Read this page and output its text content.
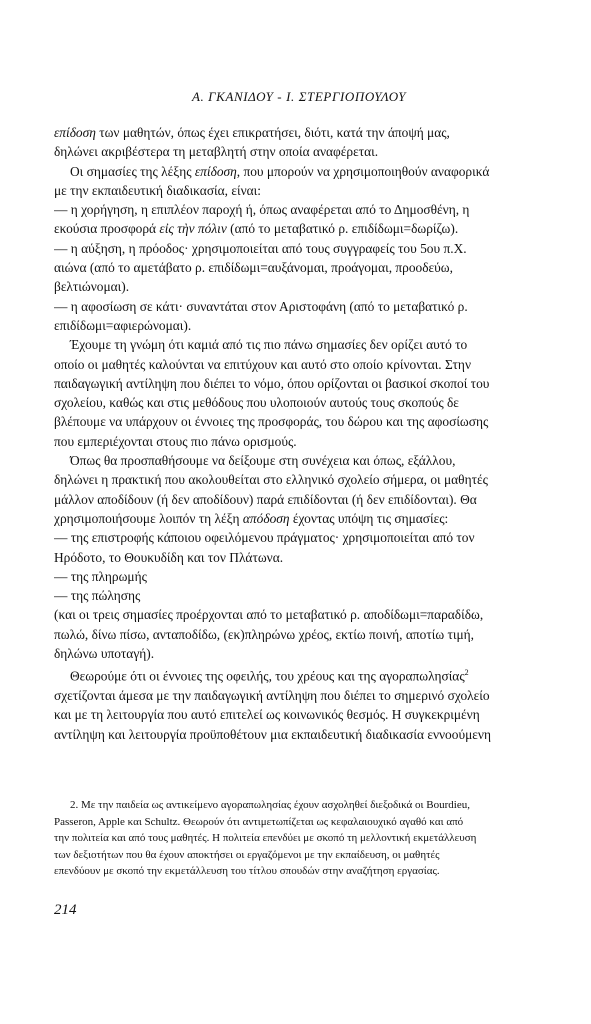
Α. ΓΚΑΝΙΔΟΥ - Ι. ΣΤΕΡΓΙΟΠΟΥΛΟΥ
επίδοση των μαθητών, όπως έχει επικρατήσει, διότι, κατά την άποψή μας,
δηλώνει ακριβέστερα τη μεταβλητή στην οποία αναφέρεται.
Οι σημασίες της λέξης επίδοση, που μπορούν να χρησιμοποιηθούν αναφορικά
με την εκπαιδευτική διαδικασία, είναι:
— η χορήγηση, η επιπλέον παροχή ή, όπως αναφέρεται από το Δημοσθένη, η
εκούσια προσφορά εἰς τὴν πόλιν (από το μεταβατικό ρ. επιδίδωμι=δωρίζω).
— η αύξηση, η πρόοδος· χρησιμοποιείται από τους συγγραφείς του 5ου π.Χ.
αιώνα (από το αμετάβατο ρ. επιδίδωμι=αυξάνομαι, προάγομαι, προοδεύω,
βελτιώνομαι).
— η αφοσίωση σε κάτι· συναντάται στον Αριστοφάνη (από το μεταβατικό ρ.
επιδίδωμι=αφιερώνομαι).
Έχουμε τη γνώμη ότι καμιά από τις πιο πάνω σημασίες δεν ορίζει αυτό το
οποίο οι μαθητές καλούνται να επιτύχουν και αυτό στο οποίο κρίνονται. Στην
παιδαγωγική αντίληψη που διέπει το νόμο, όπου ορίζονται οι βασικοί σκοποί του
σχολείου, καθώς και στις μεθόδους που υλοποιούν αυτούς τους σκοπούς δε
βλέπουμε να υπάρχουν οι έννοιες της προσφοράς, του δώρου και της αφοσίωσης
που εμπεριέχονται στους πιο πάνω ορισμούς.
Όπως θα προσπαθήσουμε να δείξουμε στη συνέχεια και όπως, εξάλλου,
δηλώνει η πρακτική που ακολουθείται στο ελληνικό σχολείο σήμερα, οι μαθητές
μάλλον αποδίδουν (ή δεν αποδίδουν) παρά επιδίδονται (ή δεν επιδίδονται). Θα
χρησιμοποιήσουμε λοιπόν τη λέξη απόδοση έχοντας υπόψη τις σημασίες:
— της επιστροφής κάποιου οφειλόμενου πράγματος· χρησιμοποιείται από τον
Ηρόδοτο, το Θουκυδίδη και τον Πλάτωνα.
— της πληρωμής
— της πώλησης
(και οι τρεις σημασίες προέρχονται από το μεταβατικό ρ. αποδίδωμι=παραδίδω,
πωλώ, δίνω πίσω, ανταποδίδω, (εκ)πληρώνω χρέος, εκτίω ποινή, αποτίω τιμή,
δηλώνω υποταγή).
Θεωρούμε ότι οι έννοιες της οφειλής, του χρέους και της αγοραπωλησίας$^2$
σχετίζονται άμεσα με την παιδαγωγική αντίληψη που διέπει το σημερινό σχολείο
και με τη λειτουργία που αυτό επιτελεί ως κοινωνικός θεσμός. Η συγκεκριμένη
αντίληψη και λειτουργία προϋποθέτουν μια εκπαιδευτική διαδικασία εννοούμενη
2. Με την παιδεία ως αντικείμενο αγοραπωλησίας έχουν ασχοληθεί διεξοδικά οι Bourdieu,
Passeron, Apple και Schultz. Θεωρούν ότι αντιμετωπίζεται ως κεφαλαιουχικό αγαθό και από
την πολιτεία και από τους μαθητές. Η πολιτεία επενδύει με σκοπό τη μελλοντική εκμετάλλευση
των δεξιοτήτων που θα έχουν αποκτήσει οι εργαζόμενοι με την εκπαίδευση, οι μαθητές
επενδύουν με σκοπό την εκμετάλλευση του τίτλου σπουδών στην αναζήτηση εργασίας.
214
